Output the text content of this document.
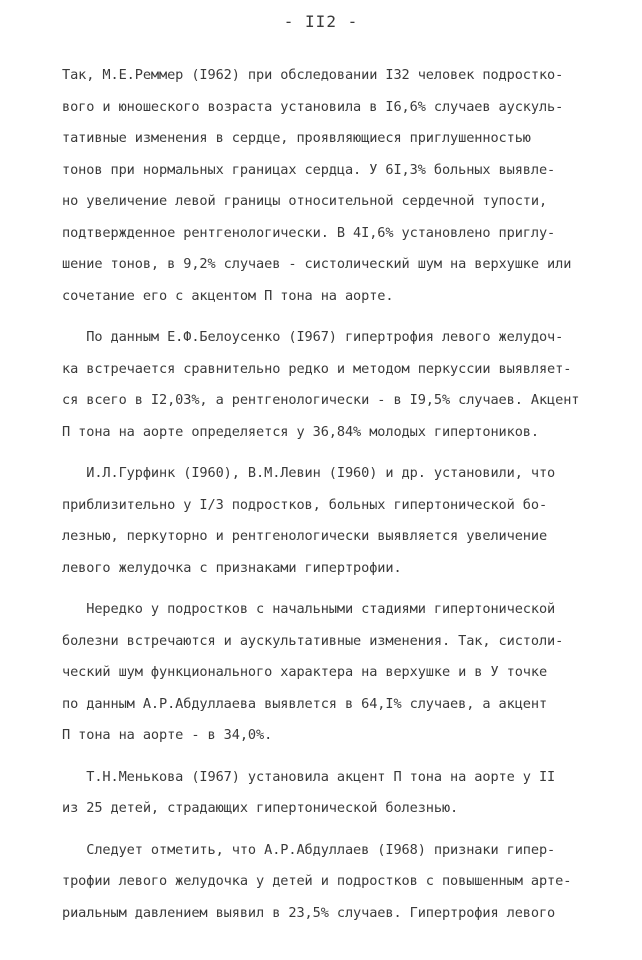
- II2 -
Так, М.Е.Реммер (I962) при обследовании I32 человек подростко-
вого и юношеского возраста установила в I6,6% случаев аускуль-
тативные изменения в сердце, проявляющиеся приглушенностью
тонов при нормальных границах сердца. У 6I,3% больных выявле-
но увеличение левой границы относительной сердечной тупости,
подтвержденное рентгенологически. В 4I,6% установлено приглу-
шение тонов, в 9,2% случаев - систолический шум на верхушке или
сочетание его с акцентом П тона на аорте.
По данным Е.Ф.Белоусенко (I967) гипертрофия левого желудоч-
ка встречается сравнительно редко и методом перкуссии выявляет-
ся всего в I2,03%, а рентгенологически - в I9,5% случаев. Акцент
П тона на аорте определяется у 36,84% молодых гипертоников.
И.Л.Гурфинк (I960), В.М.Левин (I960) и др. установили, что
приблизительно у I/3 подростков, больных гипертонической бо-
лезнью, перкуторно и рентгенологически выявляется увеличение
левого желудочка с признаками гипертрофии.
Нередко у подростков с начальными стадиями гипертонической
болезни встречаются и аускультативные изменения. Так, систоли-
ческий шум функционального характера на верхушке и в У точке
по данным А.Р.Абдуллаева выявлется в 64,I% случаев, а акцент
П тона на аорте - в 34,0%.
Т.Н.Менькова (I967) установила акцент П тона на аорте у II
из 25 детей, страдающих гипертонической болезнью.
Следует отметить, что А.Р.Абдуллаев (I968) признаки гипер-
трофии левого желудочка у детей и подростков с повышенным арте-
риальным давлением выявил в 23,5% случаев. Гипертрофия левого
